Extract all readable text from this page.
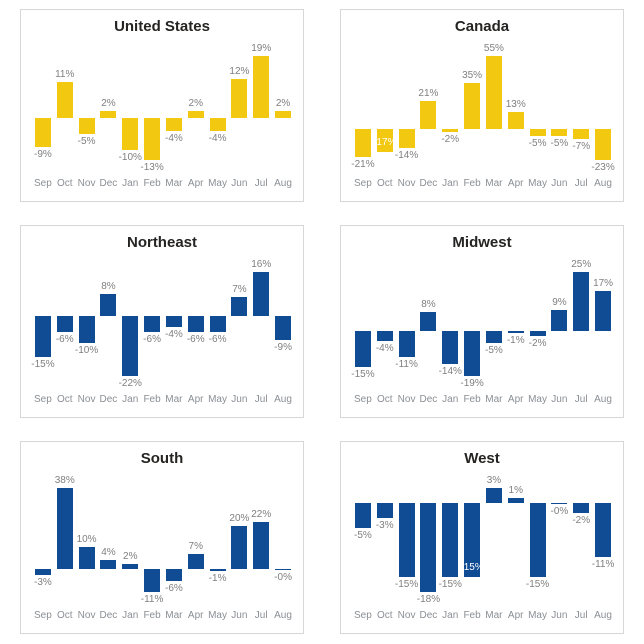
United States
-9%
11%
-5%
2%
-10%
-13%
-4%
2%
-4%
12%
19%
2%
Sep Oct Nov Dec Jan Feb Mar Apr May Jun Jul Aug
Canada
-21%
-17%
-14%
21%
-2%
35%
55%
13%
-5% -5% -7%
-23%
Sep Oct Nov Dec Jan Feb Mar Apr May Jun Jul Aug
Northeast
-15%
-6%
-10%
8%
-22%
-6% -4% -6% -6%
7%
16%
-9%
Sep Oct Nov Dec Jan Feb Mar Apr May Jun Jul Aug
Midwest
-15%
-4%
-11%
8%
-14%
-19%
-5%
-1% -2%
9%
25%
17%
Sep Oct Nov Dec Jan Feb Mar Apr May Jun Jul Aug
South
-3%
38%
10%
4% 2%
-11%
-6%
7%
-1%
20% 22%
-0%
Sep Oct Nov Dec Jan Feb Mar Apr May Jun Jul Aug
West
-5%
-3%
-15%
-18%
-15%
-15%
3%
1%
-15%
-0%
-2%
-11%
Sep Oct Nov Dec Jan Feb Mar Apr May Jun Jul Aug
